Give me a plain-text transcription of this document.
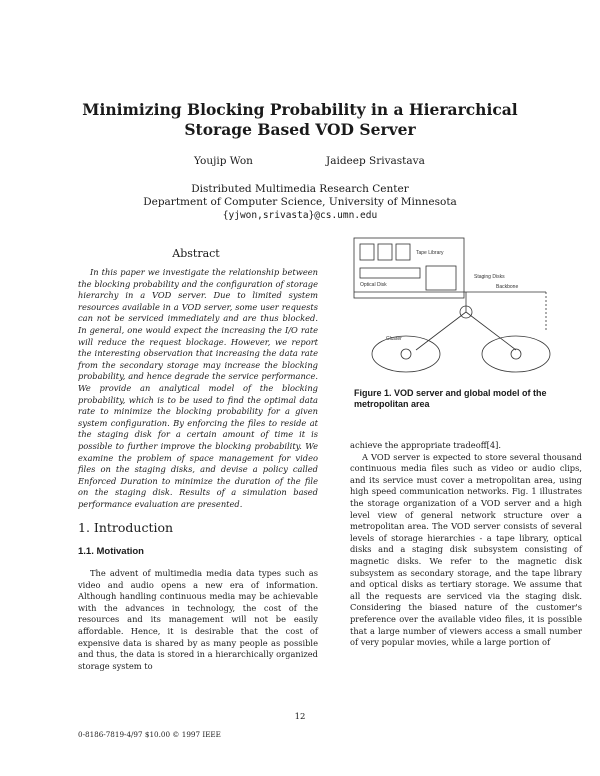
Minimizing Blocking Probability in a Hierarchical Storage Based VOD Server
Youjip Won	Jaideep Srivastava
Distributed Multimedia Research Center
Department of Computer Science, University of Minnesota
{yjwon,srivasta}@cs.umn.edu
Abstract
In this paper we investigate the relationship between the blocking probability and the configuration of storage hierarchy in a VOD server. Due to limited system resources available in a VOD server, some user requests can not be serviced immediately and are thus blocked. In general, one would expect the increasing the I/O rate will reduce the request blockage. However, we report the interesting observation that increasing the data rate from the secondary storage may increase the blocking probability, and hence degrade the service performance. We provide an analytical model of the blocking probability, which is to be used to find the optimal data rate to minimize the blocking probability for a given system configuration. By enforcing the files to reside at the staging disk for a certain amount of time it is possible to further improve the blocking probability. We examine the problem of space management for video files on the staging disks, and devise a policy called Enforced Duration to minimize the duration of the file on the staging disk. Results of a simulation based performance evaluation are presented.
1. Introduction
1.1. Motivation
The advent of multimedia media data types such as video and audio opens a new era of information. Although handling continuous media may be achievable with the advances in technology, the cost of the resources and its management will not be easily affordable. Hence, it is desirable that the cost of expensive data is shared by as many people as possible and thus, the data is stored in a hierarchically organized storage system to
Tape Library
Optical Disk
Staging Disks
Cluster
Backbone
Figure 1. VOD server and global model of the metropolitan area

achieve the appropriate tradeoff[4].

A VOD server is expected to store several thousand continuous media files such as video or audio clips, and its service must cover a metropolitan area, using high speed communication networks. Fig. 1 illustrates the storage organization of a VOD server and a high level view of general network structure over a metropolitan area. The VOD server consists of several levels of storage hierarchies - a tape library, optical disks and a staging disk subsystem consisting of magnetic disks. We refer to the magnetic disk subsystem as secondary storage, and the tape library and optical disks as tertiary storage. We assume that all the requests are serviced via the staging disk. Considering the biased nature of the customer's preference over the available video files, it is possible that a large number of viewers access a small number of very popular movies, while a large portion of

12
0-8186-7819-4/97 $10.00 © 1997 IEEE
